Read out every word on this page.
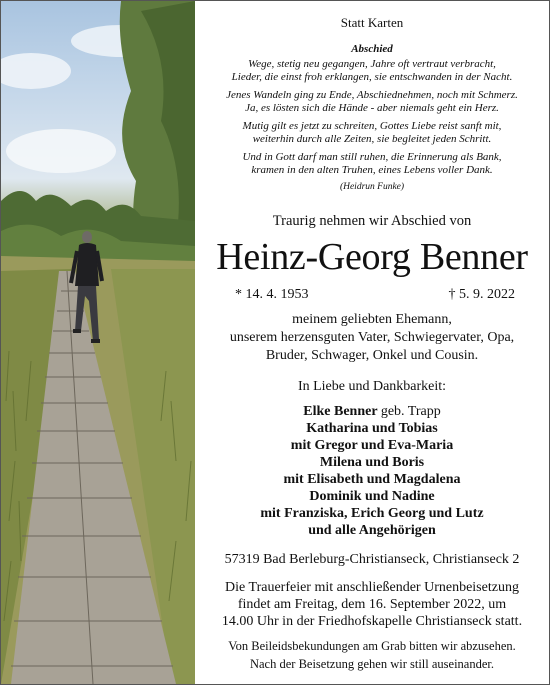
Statt Karten
Abschied
Wege, stetig neu gegangen, Jahre oft vertraut verbracht,
Lieder, die einst froh erklangen, sie entschwanden in der Nacht.
Jenes Wandeln ging zu Ende, Abschiednehmen, noch mit Schmerz.
Ja, es lösten sich die Hände - aber niemals geht ein Herz.
Mutig gilt es jetzt zu schreiten, Gottes Liebe reist sanft mit,
weiterhin durch alle Zeiten, sie begleitet jeden Schritt.
Und in Gott darf man still ruhen, die Erinnerung als Bank,
kramen in den alten Truhen, eines Lebens voller Dank.
(Heidrun Funke)
Traurig nehmen wir Abschied von
Heinz-Georg Benner
* 14. 4. 1953	† 5. 9. 2022
meinem geliebten Ehemann,
unserem herzensguten Vater, Schwiegervater, Opa,
Bruder, Schwager, Onkel und Cousin.
In Liebe und Dankbarkeit:
Elke Benner geb. Trapp
Katharina und Tobias
mit Gregor und Eva-Maria
Milena und Boris
mit Elisabeth und Magdalena
Dominik und Nadine
mit Franziska, Erich Georg und Lutz
und alle Angehörigen
57319 Bad Berleburg-Christianseck, Christianseck 2
Die Trauerfeier mit anschließender Urnenbeisetzung
findet am Freitag, dem 16. September 2022, um
14.00 Uhr in der Friedhofskapelle Christianseck statt.
Von Beileidsbekundungen am Grab bitten wir abzusehen.
Nach der Beisetzung gehen wir still auseinander.
